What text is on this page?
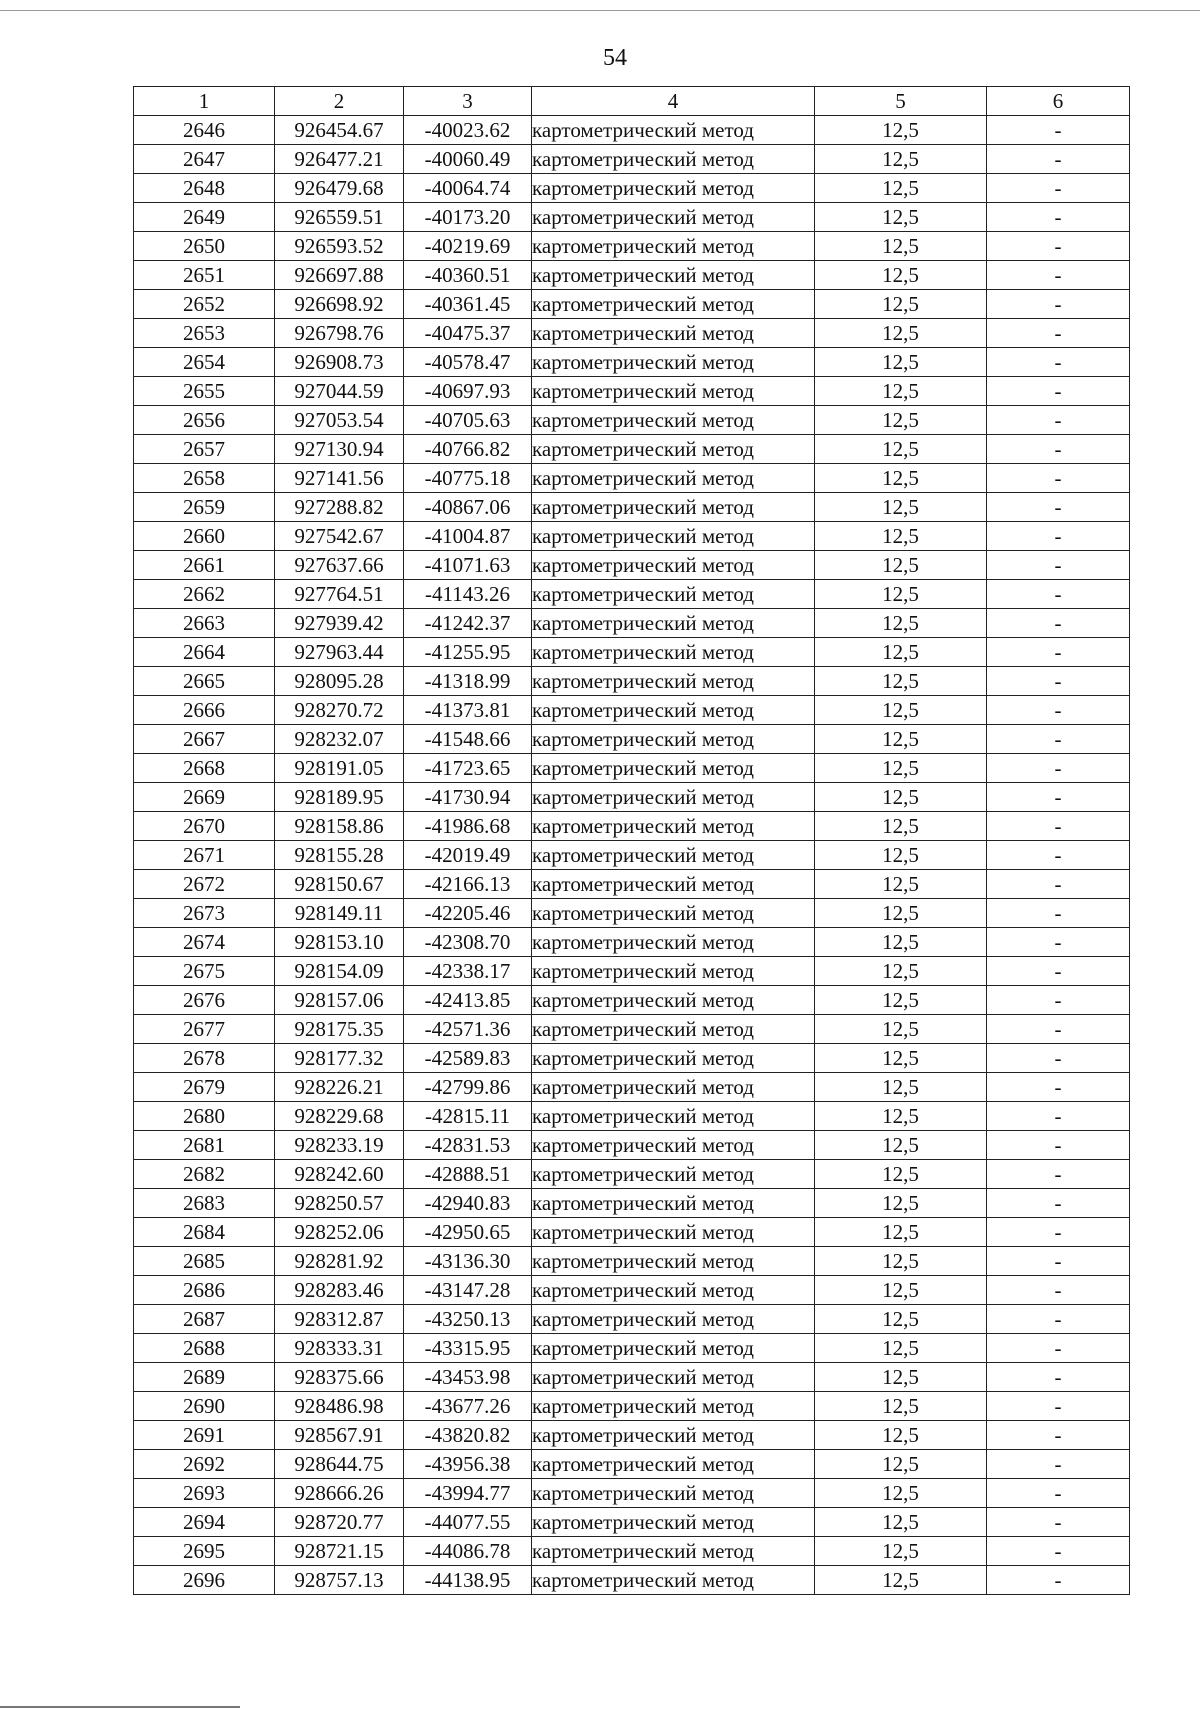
54
1	2	3	4	5	6
2646	926454.67	-40023.62	картометрический метод	12,5	-
2647	926477.21	-40060.49	картометрический метод	12,5	-
2648	926479.68	-40064.74	картометрический метод	12,5	-
2649	926559.51	-40173.20	картометрический метод	12,5	-
2650	926593.52	-40219.69	картометрический метод	12,5	-
2651	926697.88	-40360.51	картометрический метод	12,5	-
2652	926698.92	-40361.45	картометрический метод	12,5	-
2653	926798.76	-40475.37	картометрический метод	12,5	-
2654	926908.73	-40578.47	картометрический метод	12,5	-
2655	927044.59	-40697.93	картометрический метод	12,5	-
2656	927053.54	-40705.63	картометрический метод	12,5	-
2657	927130.94	-40766.82	картометрический метод	12,5	-
2658	927141.56	-40775.18	картометрический метод	12,5	-
2659	927288.82	-40867.06	картометрический метод	12,5	-
2660	927542.67	-41004.87	картометрический метод	12,5	-
2661	927637.66	-41071.63	картометрический метод	12,5	-
2662	927764.51	-41143.26	картометрический метод	12,5	-
2663	927939.42	-41242.37	картометрический метод	12,5	-
2664	927963.44	-41255.95	картометрический метод	12,5	-
2665	928095.28	-41318.99	картометрический метод	12,5	-
2666	928270.72	-41373.81	картометрический метод	12,5	-
2667	928232.07	-41548.66	картометрический метод	12,5	-
2668	928191.05	-41723.65	картометрический метод	12,5	-
2669	928189.95	-41730.94	картометрический метод	12,5	-
2670	928158.86	-41986.68	картометрический метод	12,5	-
2671	928155.28	-42019.49	картометрический метод	12,5	-
2672	928150.67	-42166.13	картометрический метод	12,5	-
2673	928149.11	-42205.46	картометрический метод	12,5	-
2674	928153.10	-42308.70	картометрический метод	12,5	-
2675	928154.09	-42338.17	картометрический метод	12,5	-
2676	928157.06	-42413.85	картометрический метод	12,5	-
2677	928175.35	-42571.36	картометрический метод	12,5	-
2678	928177.32	-42589.83	картометрический метод	12,5	-
2679	928226.21	-42799.86	картометрический метод	12,5	-
2680	928229.68	-42815.11	картометрический метод	12,5	-
2681	928233.19	-42831.53	картометрический метод	12,5	-
2682	928242.60	-42888.51	картометрический метод	12,5	-
2683	928250.57	-42940.83	картометрический метод	12,5	-
2684	928252.06	-42950.65	картометрический метод	12,5	-
2685	928281.92	-43136.30	картометрический метод	12,5	-
2686	928283.46	-43147.28	картометрический метод	12,5	-
2687	928312.87	-43250.13	картометрический метод	12,5	-
2688	928333.31	-43315.95	картометрический метод	12,5	-
2689	928375.66	-43453.98	картометрический метод	12,5	-
2690	928486.98	-43677.26	картометрический метод	12,5	-
2691	928567.91	-43820.82	картометрический метод	12,5	-
2692	928644.75	-43956.38	картометрический метод	12,5	-
2693	928666.26	-43994.77	картометрический метод	12,5	-
2694	928720.77	-44077.55	картометрический метод	12,5	-
2695	928721.15	-44086.78	картометрический метод	12,5	-
2696	928757.13	-44138.95	картометрический метод	12,5	-
